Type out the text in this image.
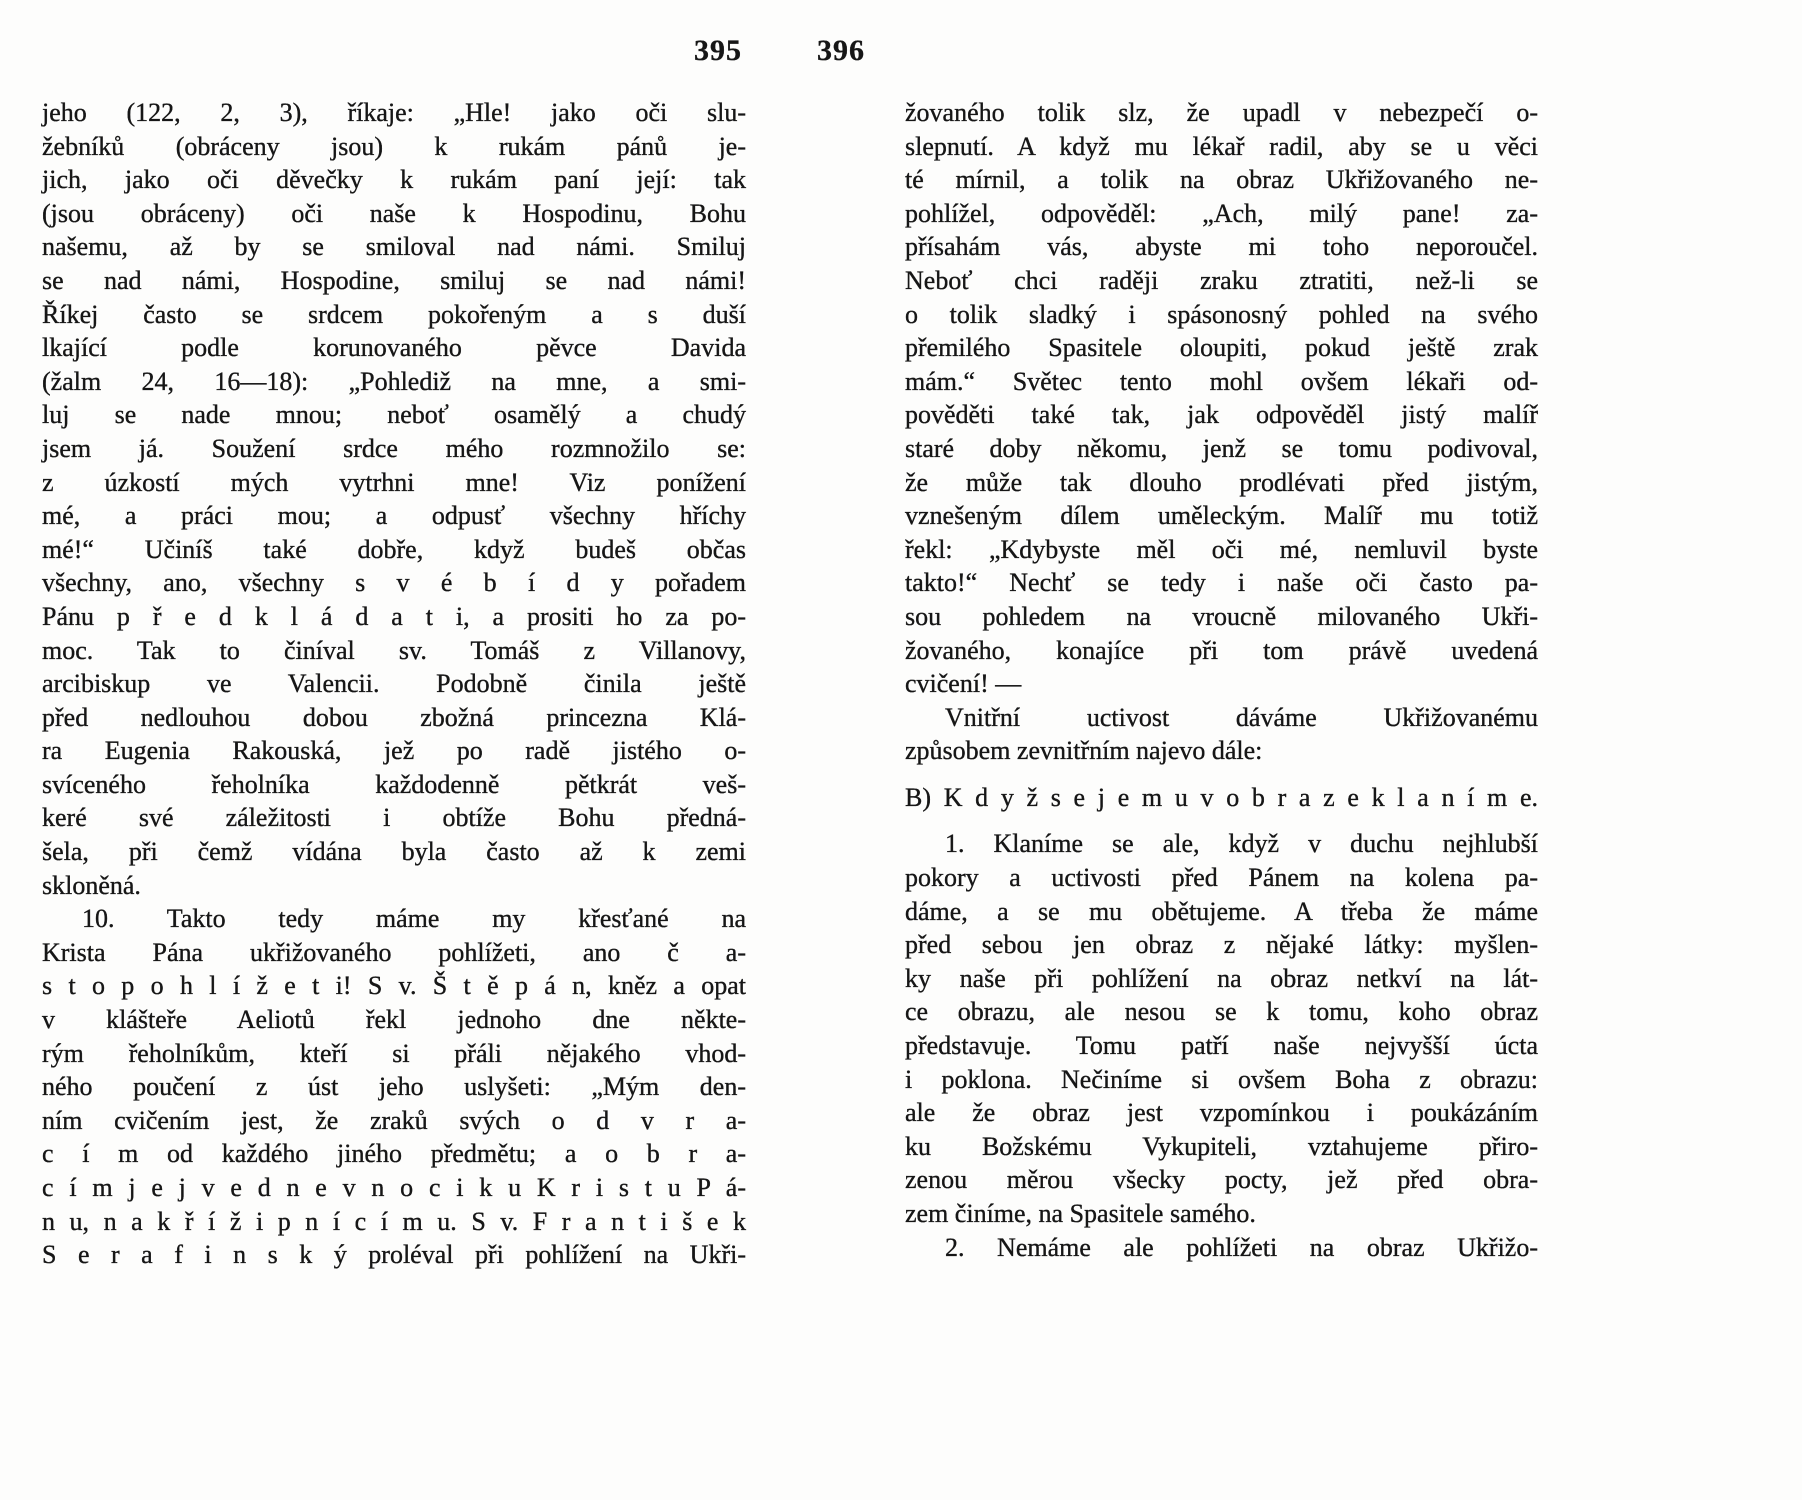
395	396
jeho (122, 2, 3), říkaje: „Hle! jako oči slu-
žebníků (obráceny jsou) k rukám pánů je-
jich, jako oči děvečky k rukám paní její: tak
(jsou obráceny) oči naše k Hospodinu, Bohu
našemu, až by se smiloval nad námi. Smiluj
se nad námi, Hospodine, smiluj se nad námi!
Říkej často se srdcem pokořeným a s duší
lkající podle korunovaného pěvce Davida
(žalm 24, 16—18): „Pohlediž na mne, a smi-
luj se nade mnou; neboť osamělý a chudý
jsem já. Soužení srdce mého rozmnožilo se:
z úzkostí mých vytrhni mne! Viz ponížení
mé, a práci mou; a odpusť všechny hříchy
mé!“ Učiníš také dobře, když budeš občas
všechny, ano, všechny s v é b í d y pořadem
Pánu p ř e d k l á d a t i, a prositi ho za po-
moc. Tak to činíval sv. Tomáš z Villanovy,
arcibiskup ve Valencii. Podobně činila ještě
před nedlouhou dobou zbožná princezna Klá-
ra Eugenia Rakouská, jež po radě jistého o-
svíceného řeholníka každodenně pětkrát veš-
keré své záležitosti i obtíže Bohu předná-
šela, při čemž vídána byla často až k zemi
skloněná.
10. Takto tedy máme my křesťané na
Krista Pána ukřižovaného pohlížeti, ano č a-
s t o p o h l í ž e t i! S v. Š t ě p á n, kněz a opat
v klášteře Aeliotů řekl jednoho dne někte-
rým řeholníkům, kteří si přáli nějakého vhod-
ného poučení z úst jeho uslyšeti: „Mým den-
ním cvičením jest, že zraků svých o d v r a-
c í m od každého jiného předmětu; a o b r a-
c í m j e j v e d n e v n o c i k u K r i s t u P á-
n u, n a k ř í ž i p n í c í m u. S v. F r a n t i š e k
S e r a f i n s k ý proléval při pohlížení na Ukři-
žovaného tolik slz, že upadl v nebezpečí o-
slepnutí. A když mu lékař radil, aby se u věci
té mírnil, a tolik na obraz Ukřižovaného ne-
pohlížel, odpověděl: „Ach, milý pane! za-
přísahám vás, abyste mi toho neporoučel.
Neboť chci raději zraku ztratiti, než-li se
o tolik sladký i spásonosný pohled na svého
přemilého Spasitele oloupiti, pokud ještě zrak
mám.“ Světec tento mohl ovšem lékaři od-
pověděti také tak, jak odpověděl jistý malíř
staré doby někomu, jenž se tomu podivoval,
že může tak dlouho prodlévati před jistým,
vznešeným dílem uměleckým. Malíř mu totiž
řekl: „Kdybyste měl oči mé, nemluvil byste
takto!“ Nechť se tedy i naše oči často pa-
sou pohledem na vroucně milovaného Ukři-
žovaného, konajíce při tom právě uvedená
cvičení! —
Vnitřní uctivost dáváme Ukřižovanému
způsobem zevnitřním najevo dále:
B) K d y ž s e j e m u v o b r a z e k l a n í m e.
1. Klaníme se ale, když v duchu nejhlubší
pokory a uctivosti před Pánem na kolena pa-
dáme, a se mu obětujeme. A třeba že máme
před sebou jen obraz z nějaké látky: myšlen-
ky naše při pohlížení na obraz netkví na lát-
ce obrazu, ale nesou se k tomu, koho obraz
představuje. Tomu patří naše nejvyšší úcta
i poklona. Nečiníme si ovšem Boha z obrazu:
ale že obraz jest vzpomínkou i poukázáním
ku Božskému Vykupiteli, vztahujeme přiro-
zenou měrou všecky pocty, jež před obra-
zem činíme, na Spasitele samého.
2. Nemáme ale pohlížeti na obraz Ukřižo-
